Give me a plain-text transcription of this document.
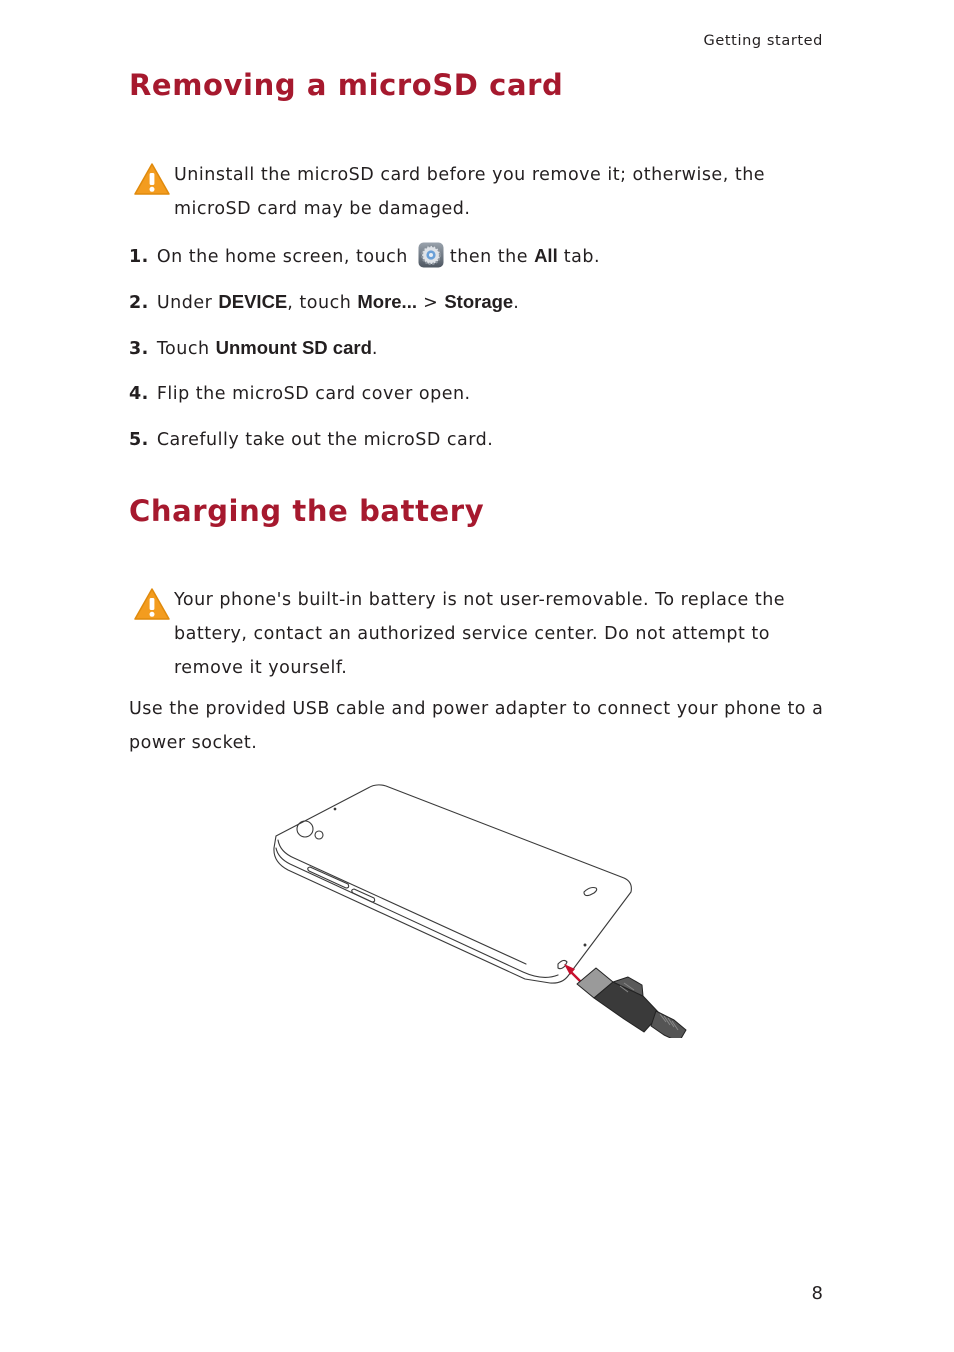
Getting started
Removing a microSD card
Uninstall the microSD card before you remove it; otherwise, the microSD card may be damaged.
1. On the home screen, touch then the All tab.
2. Under DEVICE, touch More... > Storage.
3. Touch Unmount SD card.
4. Flip the microSD card cover open.
5. Carefully take out the microSD card.
Charging the battery
Your phone's built-in battery is not user-removable. To replace the battery, contact an authorized service center. Do not attempt to remove it yourself.
Use the provided USB cable and power adapter to connect your phone to a power socket.
8
